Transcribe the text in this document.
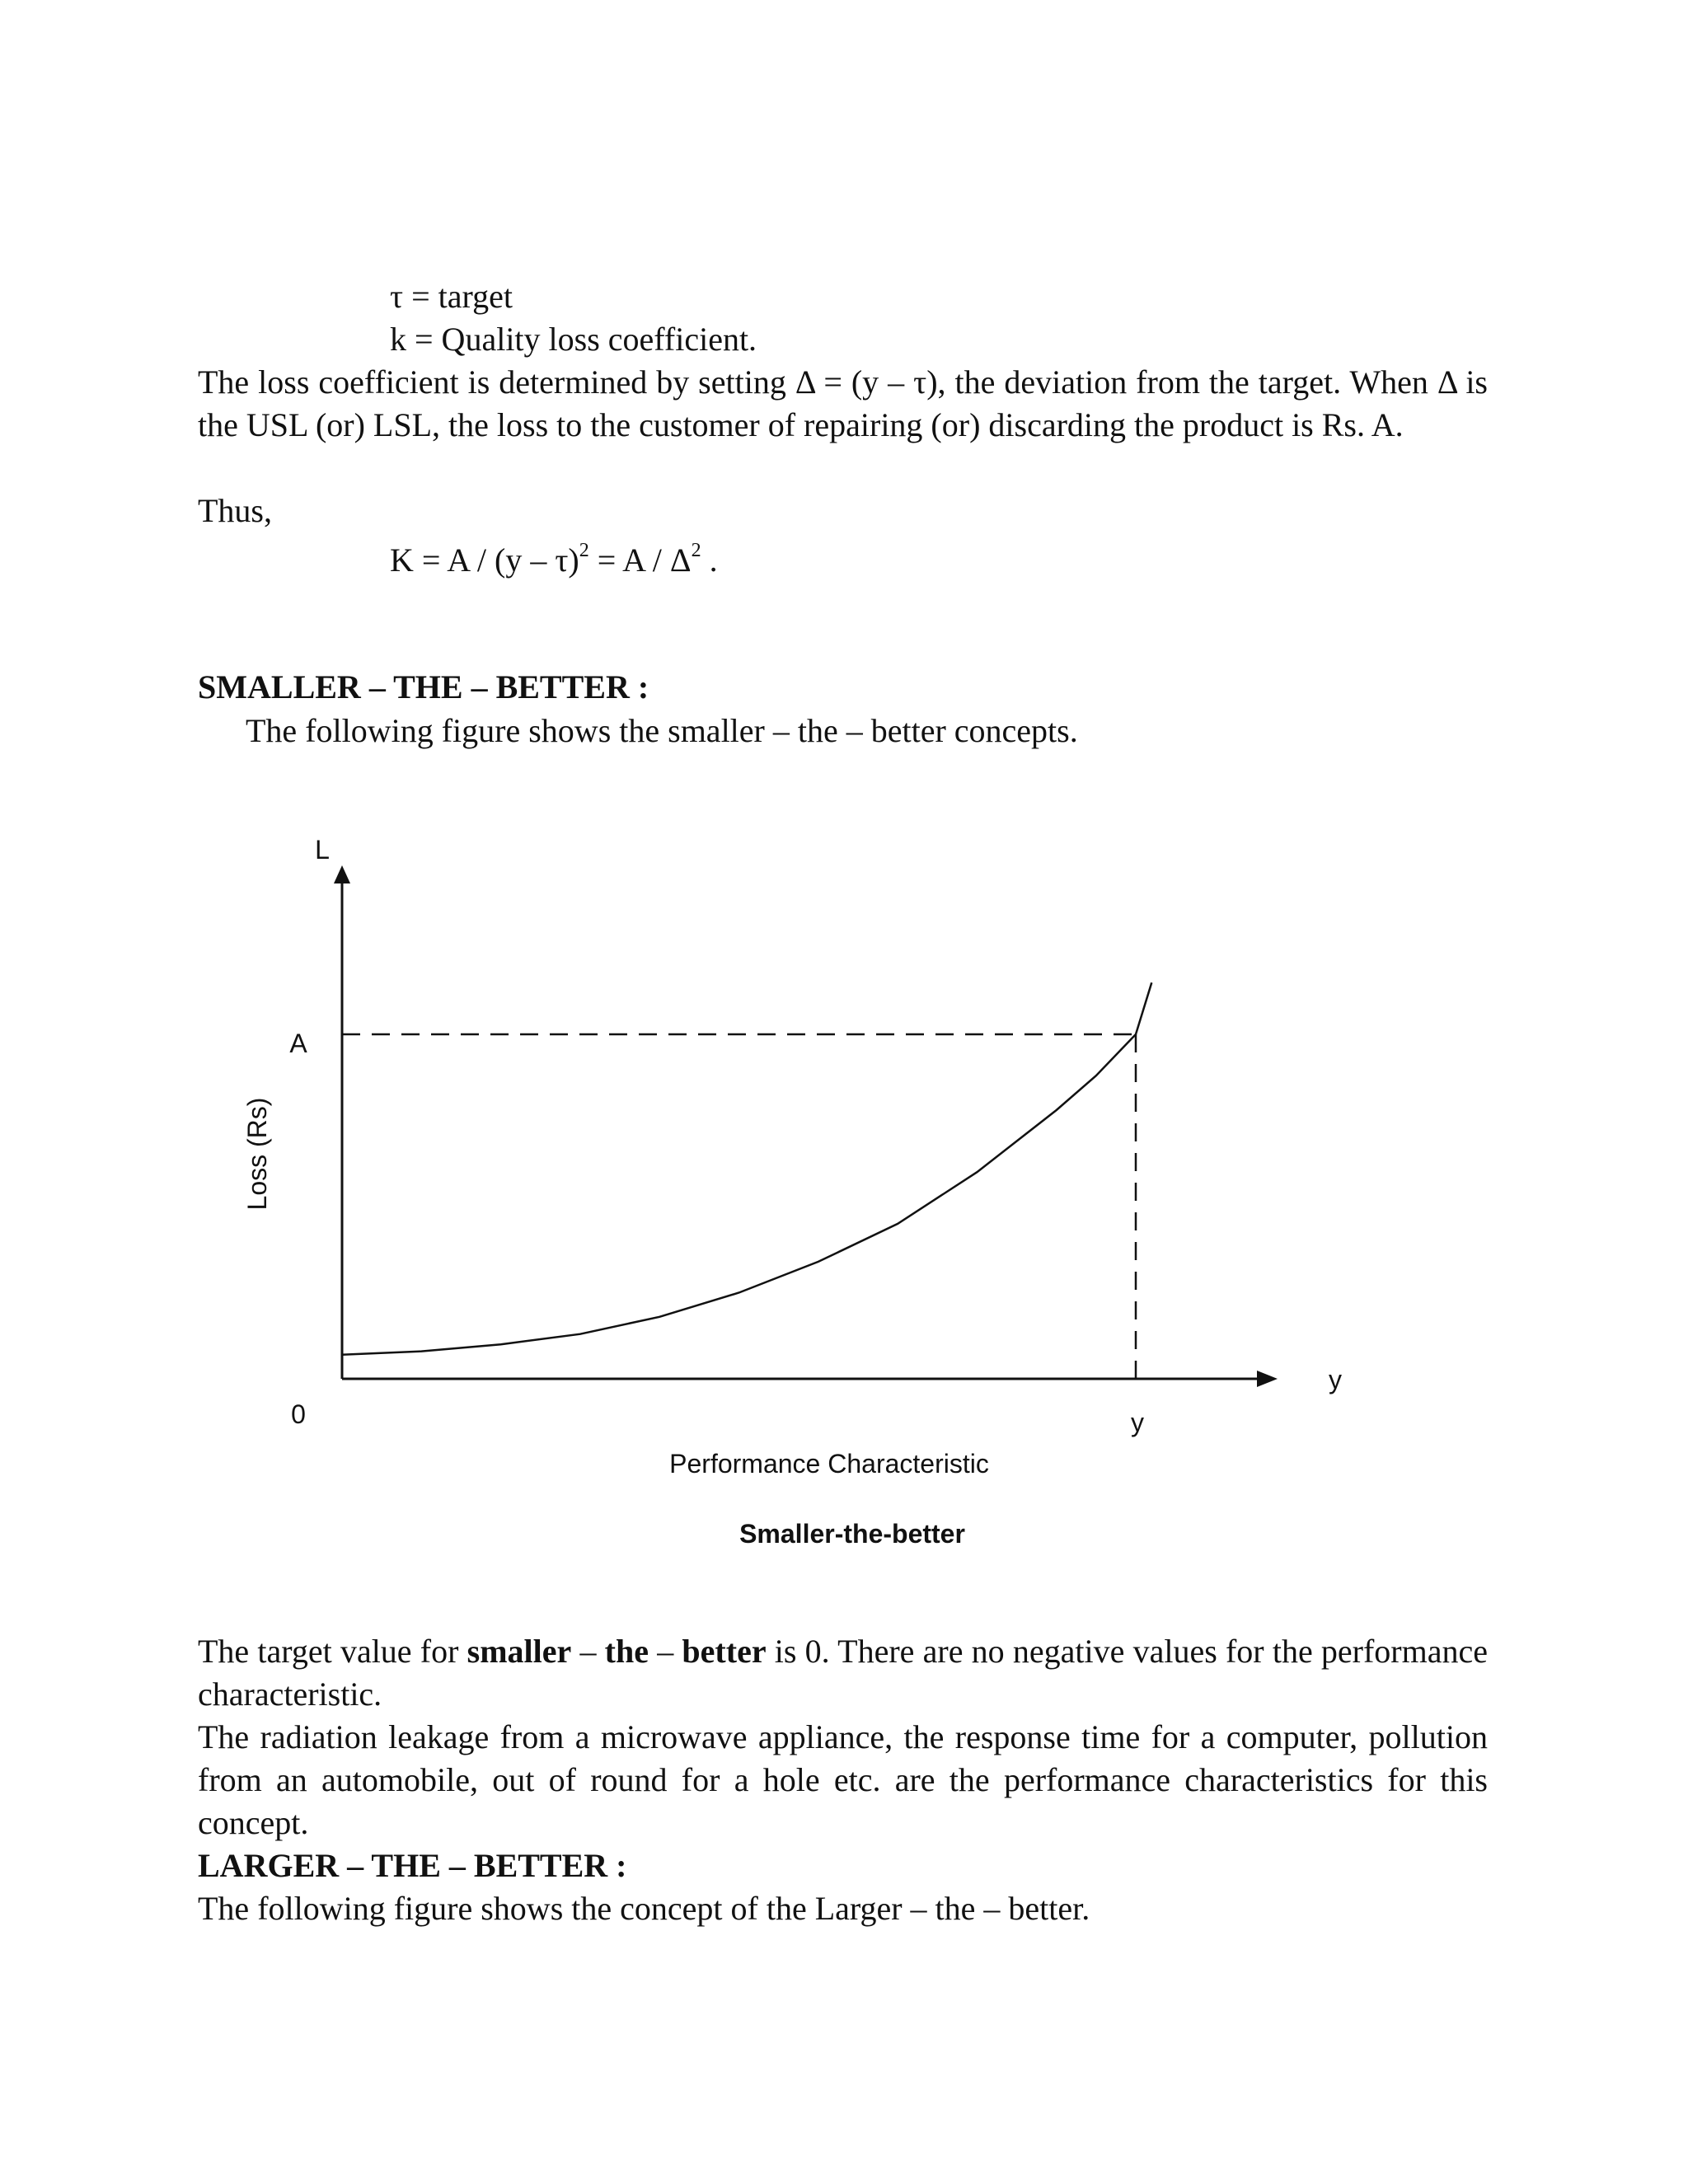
τ = target
k = Quality loss coefficient.
The loss coefficient is determined by setting Δ = (y – τ), the deviation from the target. When Δ is the USL (or) LSL, the loss to the customer of repairing (or) discarding the product is Rs. A.
Thus,
$K = A / (y - \tau)^2 = A / \Delta^2$ .
SMALLER – THE – BETTER :
The following figure shows the smaller – the – better concepts.
L
A
0	y
y
Loss (Rs)
Performance Characteristic
Smaller-the-better
The target value for smaller – the – better is 0. There are no negative values for the performance characteristic.
The radiation leakage from a microwave appliance, the response time for a computer, pollution from an automobile, out of round for a hole etc. are the performance characteristics for this concept.
LARGER – THE – BETTER :
The following figure shows the concept of the Larger – the – better.
